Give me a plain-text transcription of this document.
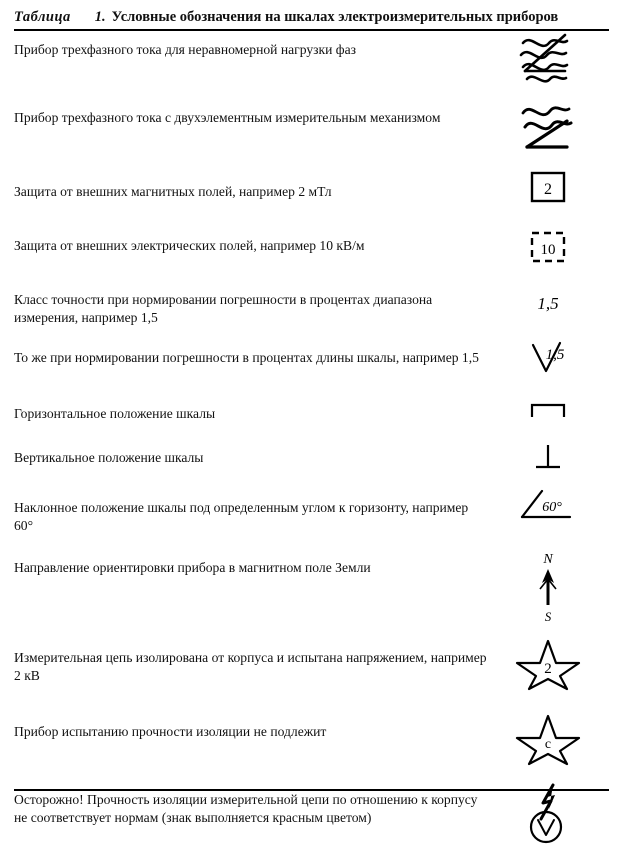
Таблица 1. Условные обозначения на шкалах электроизмерительных приборов
Прибор трехфазного тока для неравномерной нагрузки фаз	

Прибор трехфазного тока с двухэлементным измерительным механизмом	

Защита от внешних магнитных полей, например 2 мТл	2

Защита от внешних электрических полей, например 10 кВ/м	10

Класс точности при нормировании погрешности в процентах диапазона измерения, например 1,5	1,5

То же при нормировании погрешности в процентах длины шкалы, например 1,5	1,5

Горизонтальное положение шкалы	

Вертикальное положение шкалы	

Наклонное положение шкалы под определенным углом к горизонту, например 60°	60°

Направление ориентировки прибора в магнитном поле Земли	N
S

Измерительная цепь изолирована от корпуса и испытана напряжением, например 2 кВ	2

Прибор испытанию прочности изоляции не подлежит	с

Осторожно! Прочность изоляции измерительной цепи по отношению к корпусу не соответствует нормам (знак выполняется красным цветом)	
